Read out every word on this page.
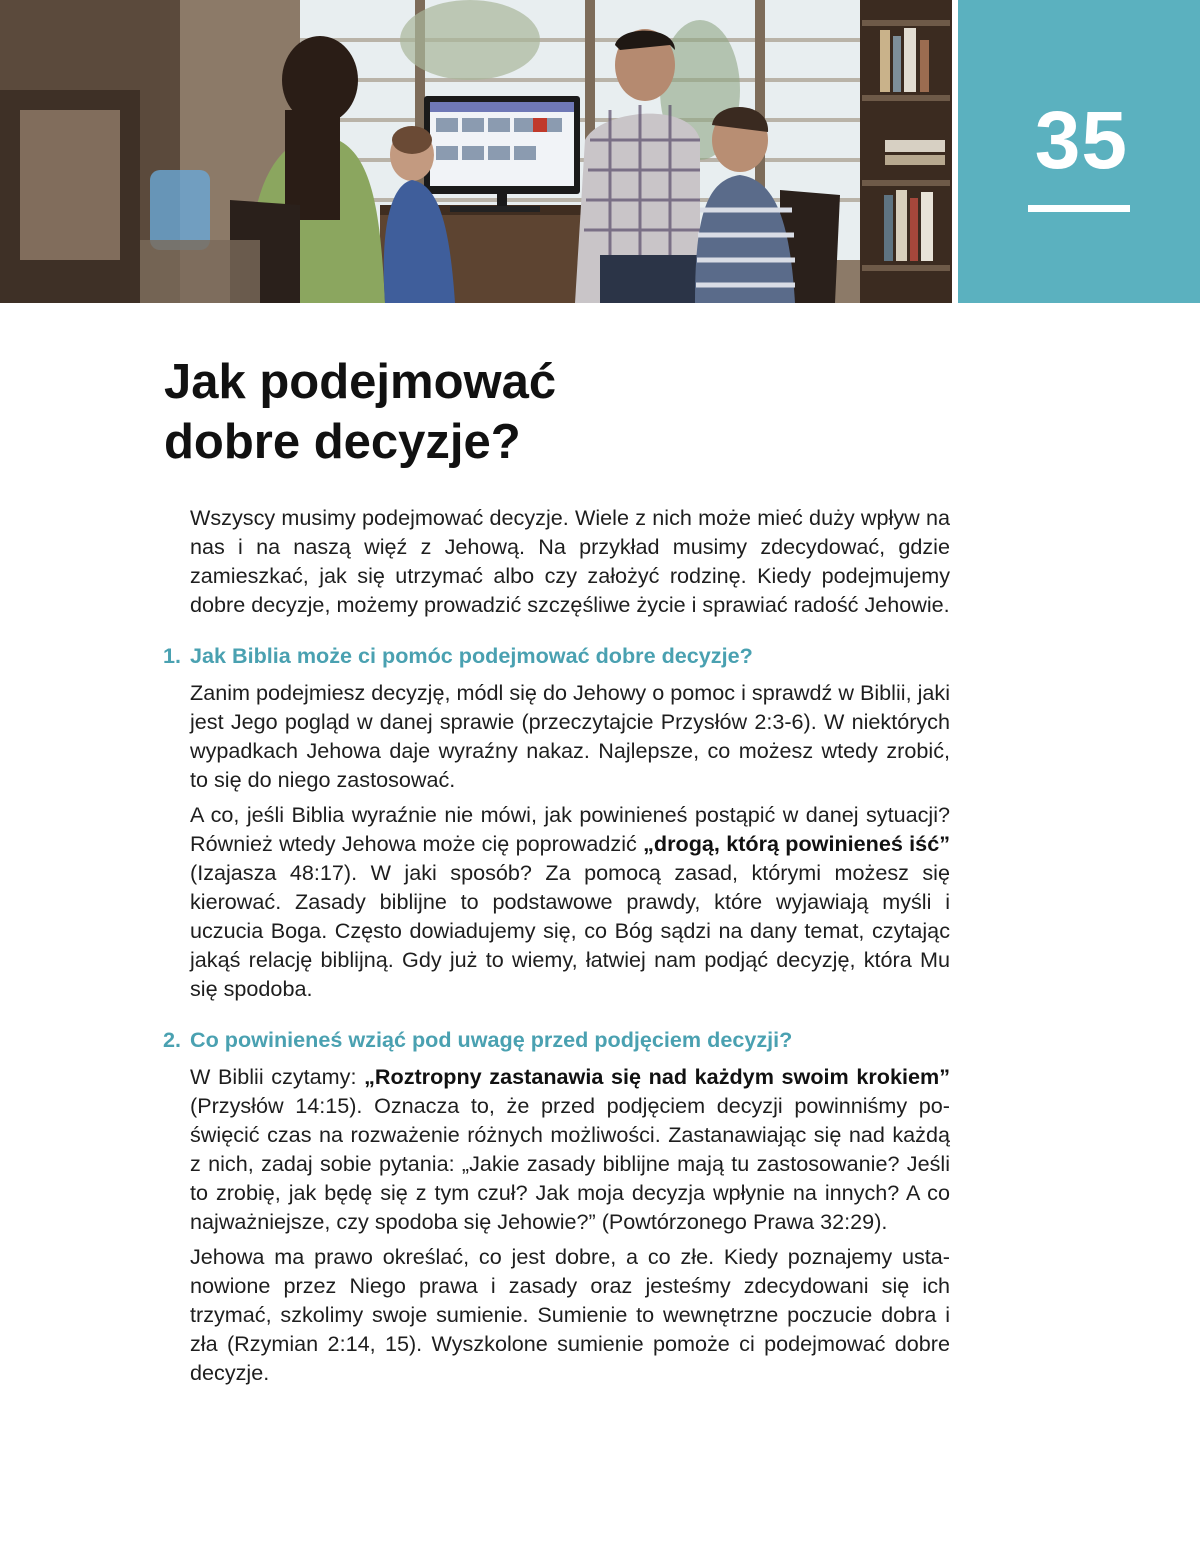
35
Jak podejmować
dobre decyzje?

Wszyscy musimy podejmować decyzje. Wiele z nich może mieć duży wpływ na nas i na naszą więź z Jehową. Na przykład musimy zdecydować, gdzie zamieszkać, jak się utrzymać albo czy założyć rodzinę. Kiedy podejmujemy dobre decyzje, możemy prowadzić szczęśliwe życie i sprawiać radość Jehowie.

1. Jak Biblia może ci pomóc podejmować dobre decyzje?

Zanim podejmiesz decyzję, módl się do Jehowy o pomoc i sprawdź w Biblii, jaki jest Jego pogląd w danej sprawie (przeczytajcie Przysłów 2:3-6). W niektórych wypadkach Jehowa daje wyraźny nakaz. Najlepsze, co możesz wtedy zrobić, to się do niego zastosować.

A co, jeśli Biblia wyraźnie nie mówi, jak powinieneś postąpić w danej sytuacji? Również wtedy Jehowa może cię poprowadzić „drogą, którą powinieneś iść” (Izajasza 48:17). W jaki sposób? Za pomocą zasad, którymi możesz się kierować. Zasady biblijne to podstawowe prawdy, które wyjawiają myśli i uczucia Boga. Często dowiadujemy się, co Bóg sądzi na dany temat, czytając jakąś relację biblijną. Gdy już to wiemy, łatwiej nam podjąć decyzję, która Mu się spodoba.

2. Co powinieneś wziąć pod uwagę przed podjęciem decyzji?

W Biblii czytamy: „Roztropny zastanawia się nad każdym swoim krokiem” (Przysłów 14:15). Oznacza to, że przed podjęciem decyzji powinniśmy poświęcić czas na rozważenie różnych możliwości. Zastanawiając się nad każdą z nich, zadaj sobie pytania: „Jakie zasady biblijne mają tu zastosowanie? Jeśli to zrobię, jak będę się z tym czuł? Jak moja decyzja wpłynie na innych? A co najważniejsze, czy spodoba się Jehowie?” (Powtórzonego Prawa 32:29).

Jehowa ma prawo określać, co jest dobre, a co złe. Kiedy poznajemy ustanowione przez Niego prawa i zasady oraz jesteśmy zdecydowani się ich trzymać, szkolimy swoje sumienie. Sumienie to wewnętrzne poczucie dobra i zła (Rzymian 2:14, 15). Wyszkolone sumienie pomoże ci podejmować dobre decyzje.
